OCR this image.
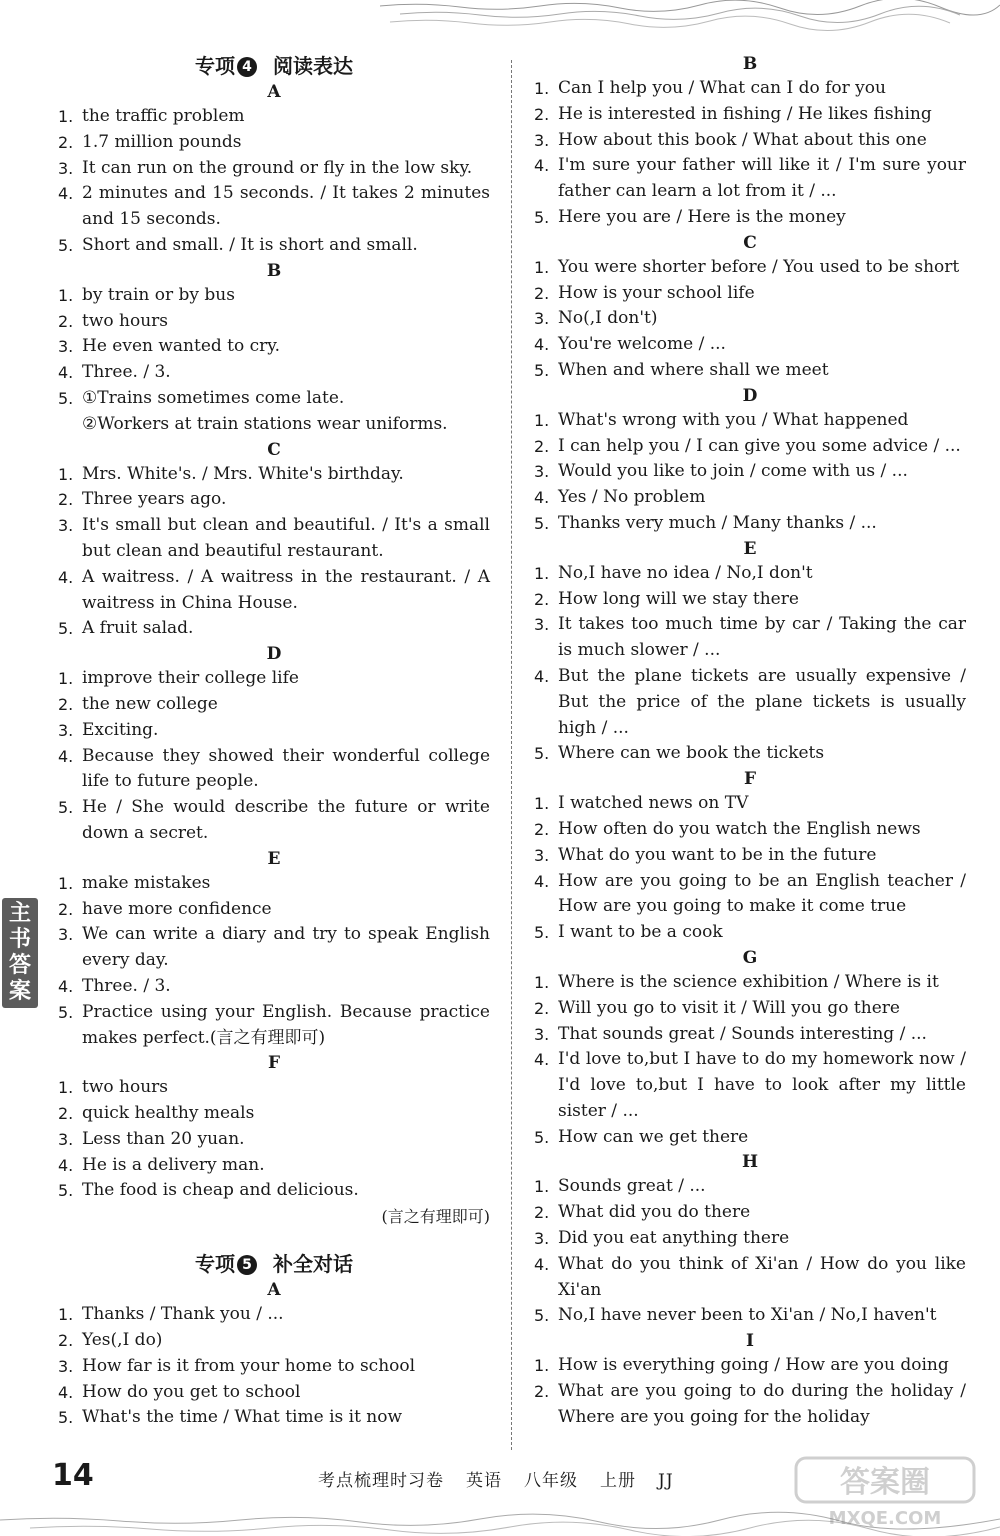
主
书
答
案
专项 4 阅读表达
A
1. the traffic problem
2. 1.7 million pounds
3. It can run on the ground or fly in the low sky.
4. 2 minutes and 15 seconds. / It takes 2 minutes and 15 seconds.
5. Short and small. / It is short and small.
B
1. by train or by bus
2. two hours
3. He even wanted to cry.
4. Three. / 3.
5. ①Trains sometimes come late.
②Workers at train stations wear uniforms.
C
1. Mrs. White's. / Mrs. White's birthday.
2. Three years ago.
3. It's small but clean and beautiful. / It's a small but clean and beautiful restaurant.
4. A waitress. / A waitress in the restaurant. / A waitress in China House.
5. A fruit salad.
D
1. improve their college life
2. the new college
3. Exciting.
4. Because they showed their wonderful college life to future people.
5. He / She would describe the future or write down a secret.
E
1. make mistakes
2. have more confidence
3. We can write a diary and try to speak English every day.
4. Three. / 3.
5. Practice using your English. Because practice makes perfect.(言之有理即可)
F
1. two hours
2. quick healthy meals
3. Less than 20 yuan.
4. He is a delivery man.
5. The food is cheap and delicious.
(言之有理即可)
专项 5 补全对话
A
1. Thanks / Thank you / ...
2. Yes(,I do)
3. How far is it from your home to school
4. How do you get to school
5. What's the time / What time is it now
B
1. Can I help you / What can I do for you
2. He is interested in fishing / He likes fishing
3. How about this book / What about this one
4. I'm sure your father will like it / I'm sure your father can learn a lot from it / ...
5. Here you are / Here is the money
C
1. You were shorter before / You used to be short
2. How is your school life
3. No(,I don't)
4. You're welcome / ...
5. When and where shall we meet
D
1. What's wrong with you / What happened
2. I can help you / I can give you some advice / ...
3. Would you like to join / come with us / ...
4. Yes / No problem
5. Thanks very much / Many thanks / ...
E
1. No,I have no idea / No,I don't
2. How long will we stay there
3. It takes too much time by car / Taking the car is much slower / ...
4. But the plane tickets are usually expensive / But the price of the plane tickets is usually high / ...
5. Where can we book the tickets
F
1. I watched news on TV
2. How often do you watch the English news
3. What do you want to be in the future
4. How are you going to be an English teacher / How are you going to make it come true
5. I want to be a cook
G
1. Where is the science exhibition / Where is it
2. Will you go to visit it / Will you go there
3. That sounds great / Sounds interesting / ...
4. I'd love to,but I have to do my homework now / I'd love to,but I have to look after my little sister / ...
5. How can we get there
H
1. Sounds great / ...
2. What did you do there
3. Did you eat anything there
4. What do you think of Xi'an / How do you like Xi'an
5. No,I have never been to Xi'an / No,I haven't
I
1. How is everything going / How are you doing
2. What are you going to do during the holiday / Where are you going for the holiday
14	考点梳理时习卷 英语 八年级 上册 JJ	答案圈
MXQE.COM
